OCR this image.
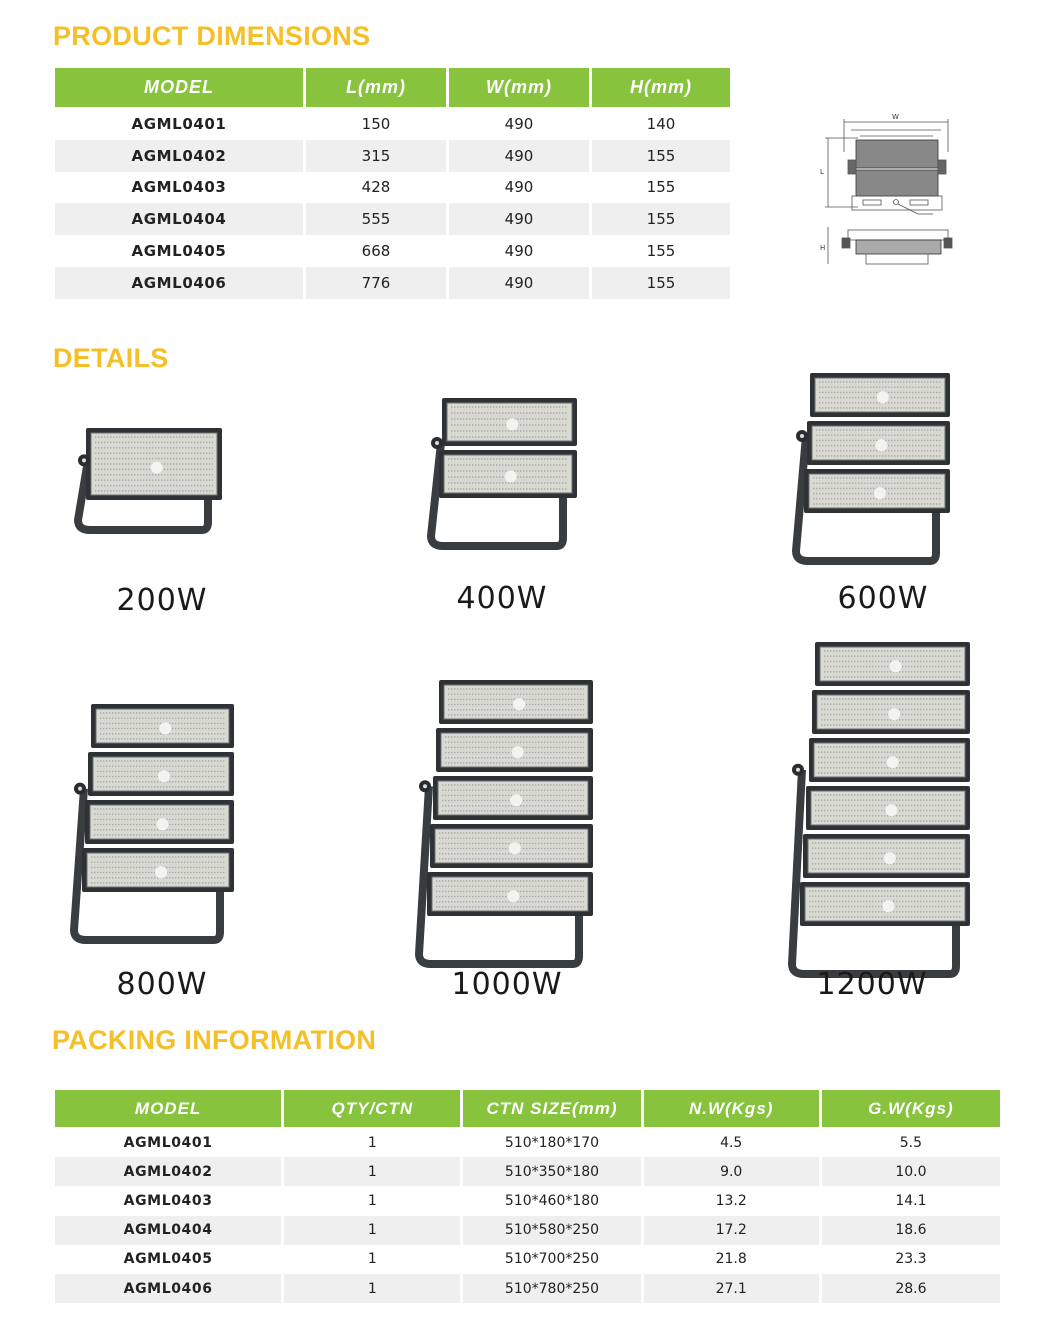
PRODUCT DIMENSIONS
MODEL	L(mm)	W(mm)	H(mm)
AGML0401	150	490	140
AGML0402	315	490	155
AGML0403	428	490	155
AGML0404	555	490	155
AGML0405	668	490	155
AGML0406	776	490	155
H
W
L
DETAILS
200W	400W	600W
800W	1000W	1200W
PACKING INFORMATION
MODEL	QTY/CTN	CTN SIZE(mm)	N.W(Kgs)	G.W(Kgs)
AGML0401	1	510*180*170	4.5	5.5
AGML0402	1	510*350*180	9.0	10.0
AGML0403	1	510*460*180	13.2	14.1
AGML0404	1	510*580*250	17.2	18.6
AGML0405	1	510*700*250	21.8	23.3
AGML0406	1	510*780*250	27.1	28.6
